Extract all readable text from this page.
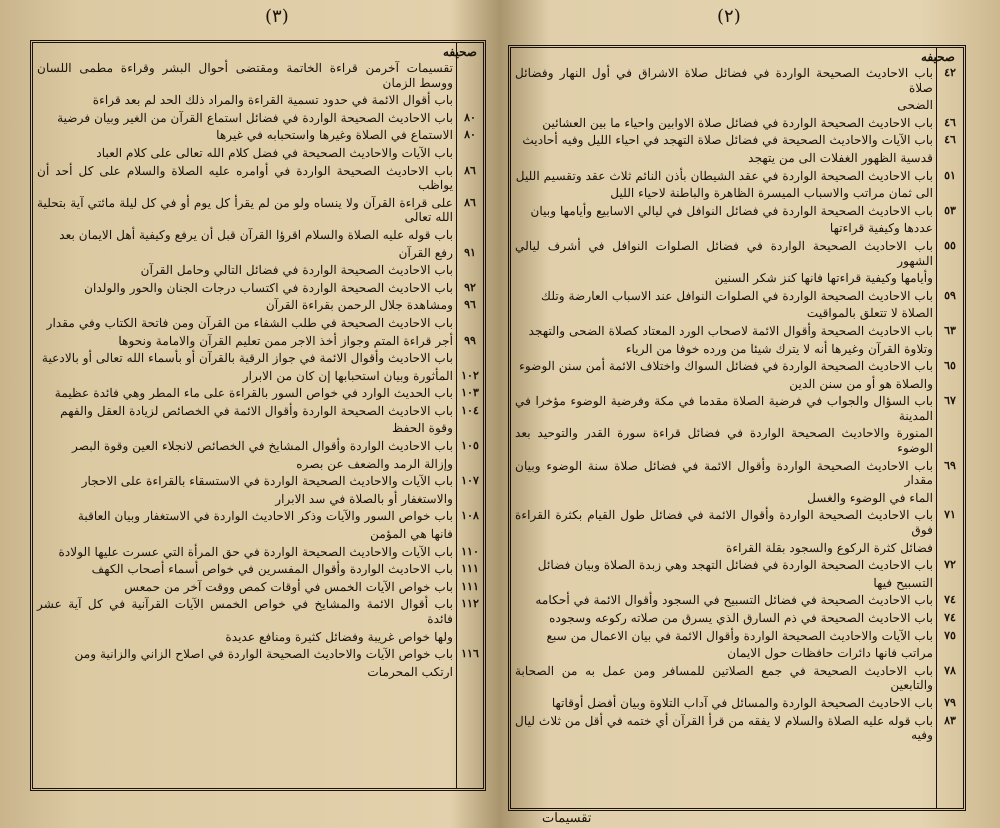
(٣)
صحيفه
تقسيمات آخرمن قراءة الخاتمة ومقتضى أحوال البشر وقراءة مطمى اللسان ووسط الزمان
باب أقوال الائمة في حدود تسمية القراءة والمراد ذلك الحد لم بعد قراءة
٨٠
باب الاحاديث الصحيحة الواردة في فضائل استماع القرآن من الغير وبيان فرضية
٨٠
الاستماع في الصلاة وغيرها واستحبابه في غيرها
باب الآيات والاحاديث الصحيحة في فضل كلام الله تعالى على كلام العباد
٨٦
باب الاحاديث الصحيحة الواردة في أوامره عليه الصلاة والسلام على كل أحد أن يواظب
٨٦
على قراءة القرآن ولا ينساه ولو من لم يقرأ كل يوم أو في كل ليلة مائتي آية بتحلية الله تعالى
باب قوله عليه الصلاة والسلام اقرؤا القرآن قبل أن يرفع وكيفية أهل الايمان بعد
٩١
رفع القرآن
باب الاحاديث الصحيحة الواردة في فضائل التالي وحامل القرآن
٩٢
باب الاحاديث الصحيحة الواردة في اكتساب درجات الجنان والحور والولدان
٩٦
ومشاهدة جلال الرحمن بقراءة القرآن
باب الاحاديث الصحيحة في طلب الشفاء من القرآن ومن فاتحة الكتاب وفي مقدار
٩٩
أجر قراءة المتم وجواز أخذ الاجر ممن تعليم القرآن والامامة ونحوها
باب الاحاديث وأقوال الائمة في جواز الرقية بالقرآن أو بأسماء الله تعالى أو بالادعية
١٠٢
المأثورة وبيان استحبابها إن كان من الابرار
١٠٣
باب الحديث الوارد في خواص السور بالقراءة على ماء المطر وهي فائدة عظيمة
١٠٤
باب الاحاديث الصحيحة الواردة وأقوال الائمة في الخصائص لزيادة العقل والفهم
وقوة الحفظ
١٠٥
باب الاحاديث الواردة وأقوال المشايخ في الخصائص لانجلاء العين وقوة البصر
وإزالة الرمد والضعف عن بصره
١٠٧
باب الآيات والاحاديث الصحيحة الواردة في الاستسقاء بالقراءة على الاحجار
والاستغفار أو بالصلاة في سد الابرار
١٠٨
باب خواص السور والآيات وذكر الاحاديث الواردة في الاستغفار وبيان العاقبة
فانها هي المؤمن
١١٠
باب الآيات والاحاديث الصحيحة الواردة في حق المرأة التي عسرت عليها الولادة
١١١
باب الاحاديث الواردة وأقوال المفسرين في خواص أسماء أصحاب الكهف
١١١
باب خواص الآيات الخمس في أوقات كمص ووقت آخر من حمعس
١١٢
باب أقوال الائمة والمشايخ في خواص الخمس الآيات القرآنية في كل آية عشر فائدة
ولها خواص غريبة وفضائل كثيرة ومنافع عديدة
١١٦
باب خواص الآيات والاحاديث الصحيحة الواردة في اصلاح الزاني والزانية ومن
ارتكب المحرمات
(٢)
صحيفه
٤٢
باب الاحاديث الصحيحة الواردة في فضائل صلاة الاشراق في أول النهار وفضائل صلاة
الضحى
٤٦
باب الاحاديث الصحيحة الواردة في فضائل صلاة الاوابين واحياء ما بين العشائين
٤٦
باب الآيات والاحاديث الصحيحة في فضائل صلاة التهجد في احياء الليل وفيه أحاديث
قدسية الظهور الغفلات الى من يتهجد
٥١
باب الاحاديث الصحيحة الواردة في عقد الشيطان بأذن النائم ثلاث عقد وتقسيم الليل
الى ثمان مراتب والاسباب الميسرة الظاهرة والباطنة لاحياء الليل
٥٣
باب الاحاديث الصحيحة الواردة في فضائل النوافل في ليالي الاسابيع وأيامها وبيان
عددها وكيفية قراءتها
٥٥
باب الاحاديث الصحيحة الواردة في فضائل الصلوات النوافل في أشرف ليالي الشهور
وأيامها وكيفية قراءتها فانها كنز شكر السنين
٥٩
باب الاحاديث الصحيحة الواردة في الصلوات النوافل عند الاسباب العارضة وتلك
الصلاة لا تتعلق بالمواقيت
٦٣
باب الاحاديث الصحيحة وأقوال الائمة لاصحاب الورد المعتاد كصلاة الضحى والتهجد
وتلاوة القرآن وغيرها أنه لا يترك شيئا من ورده خوفا من الرياء
٦٥
باب الاحاديث الصحيحة الواردة في فضائل السواك واختلاف الائمة أمن سنن الوضوء
والصلاة هو أو من سنن الدين
٦٧
باب السؤال والجواب في فرضية الصلاة مقدما في مكة وفرضية الوضوء مؤخرا في المدينة
المنورة والاحاديث الصحيحة الواردة في فضائل قراءة سورة القدر والتوحيد بعد الوضوء
٦٩
باب الاحاديث الصحيحة الواردة وأقوال الائمة في فضائل صلاة سنة الوضوء وبيان مقدار
الماء في الوضوء والغسل
٧١
باب الاحاديث الصحيحة الواردة وأقوال الائمة في فضائل طول القيام بكثرة القراءة فوق
فضائل كثرة الركوع والسجود بقلة القراءة
٧٢
باب الاحاديث الصحيحة الواردة في فضائل التهجد وهي زبدة الصلاة وبيان فضائل
التسبيح فيها
٧٤
باب الاحاديث الصحيحة في فضائل التسبيح في السجود وأقوال الائمة في أحكامه
٧٤
باب الاحاديث الصحيحة في ذم السارق الذي يسرق من صلاته ركوعه وسجوده
٧٥
باب الآيات والاحاديث الصحيحة الواردة وأقوال الائمة في بيان الاعمال من سبع
مراتب فانها دائرات حافظات حول الايمان
٧٨
باب الاحاديث الصحيحة في جمع الصلاتين للمسافر ومن عمل به من الصحابة والتابعين
٧٩
باب الاحاديث الصحيحة الواردة والمسائل في آداب التلاوة وبيان أفضل أوقاتها
٨٣
باب قوله عليه الصلاة والسلام لا يفقه من قرأ القرآن أي ختمه في أقل من ثلاث ليال وفيه
تقسيمات
